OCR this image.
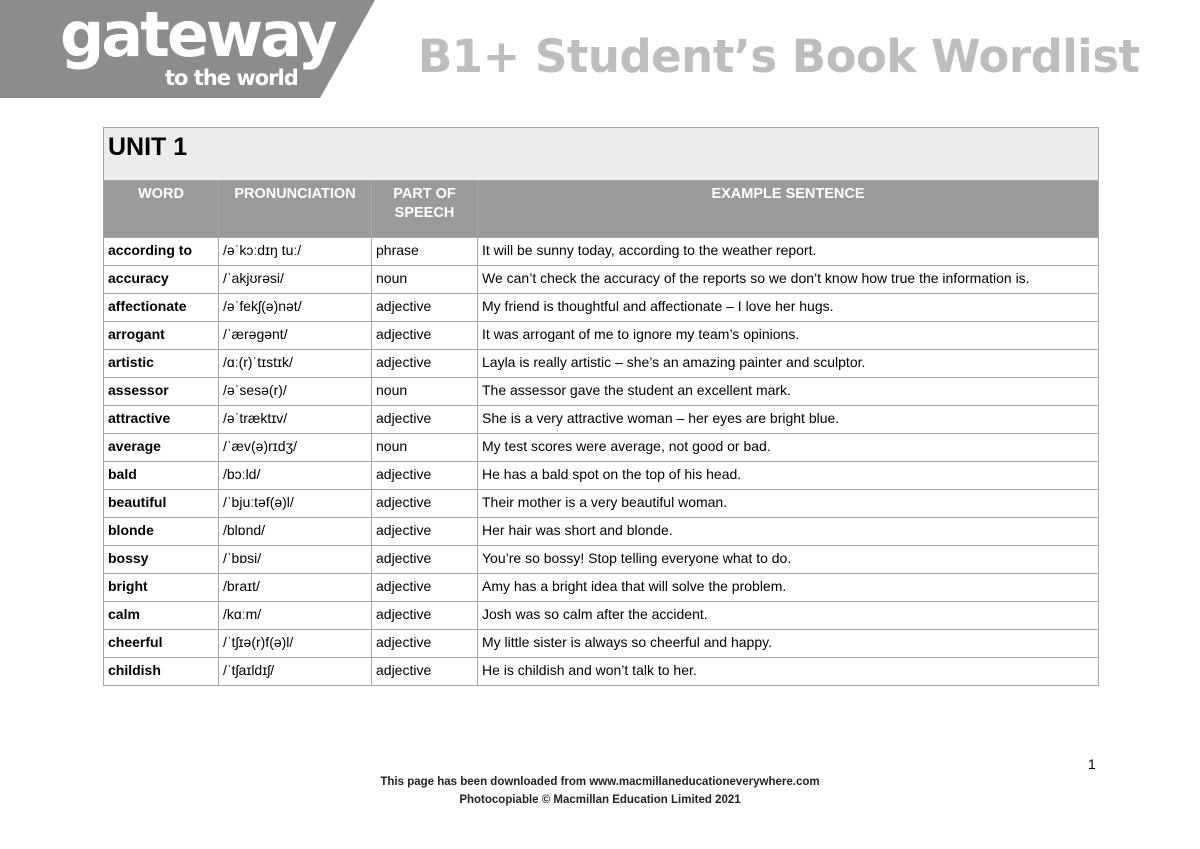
gateway
to the world	B1+ Student’s Book Wordlist
UNIT 1			
WORD	PRONUNCIATION	PART OF SPEECH	EXAMPLE SENTENCE
according to	/əˈkɔːdɪŋ tuː/	phrase	It will be sunny today, according to the weather report.
accuracy	/ˈakjʊrəsi/	noun	We can’t check the accuracy of the reports so we don’t know how true the information is.
affectionate	/əˈfekʃ(ə)nət/	adjective	My friend is thoughtful and affectionate – I love her hugs.
arrogant	/ˈærəgənt/	adjective	It was arrogant of me to ignore my team’s opinions.
artistic	/ɑː(r)ˈtɪstɪk/	adjective	Layla is really artistic – she’s an amazing painter and sculptor.
assessor	/əˈsesə(r)/	noun	The assessor gave the student an excellent mark.
attractive	/əˈtræktɪv/	adjective	She is a very attractive woman – her eyes are bright blue.
average	/ˈæv(ə)rɪdʒ/	noun	My test scores were average, not good or bad.
bald	/bɔːld/	adjective	He has a bald spot on the top of his head.
beautiful	/ˈbjuːtəf(ə)l/	adjective	Their mother is a very beautiful woman.
blonde	/blɒnd/	adjective	Her hair was short and blonde.
bossy	/ˈbɒsi/	adjective	You’re so bossy! Stop telling everyone what to do.
bright	/braɪt/	adjective	Amy has a bright idea that will solve the problem.
calm	/kɑːm/	adjective	Josh was so calm after the accident.
cheerful	/ˈtʃɪə(r)f(ə)l/	adjective	My little sister is always so cheerful and happy.
childish	/ˈtʃaɪldɪʃ/	adjective	He is childish and won’t talk to her.
1
This page has been downloaded from www.macmillaneducationeverywhere.com
Photocopiable © Macmillan Education Limited 2021
